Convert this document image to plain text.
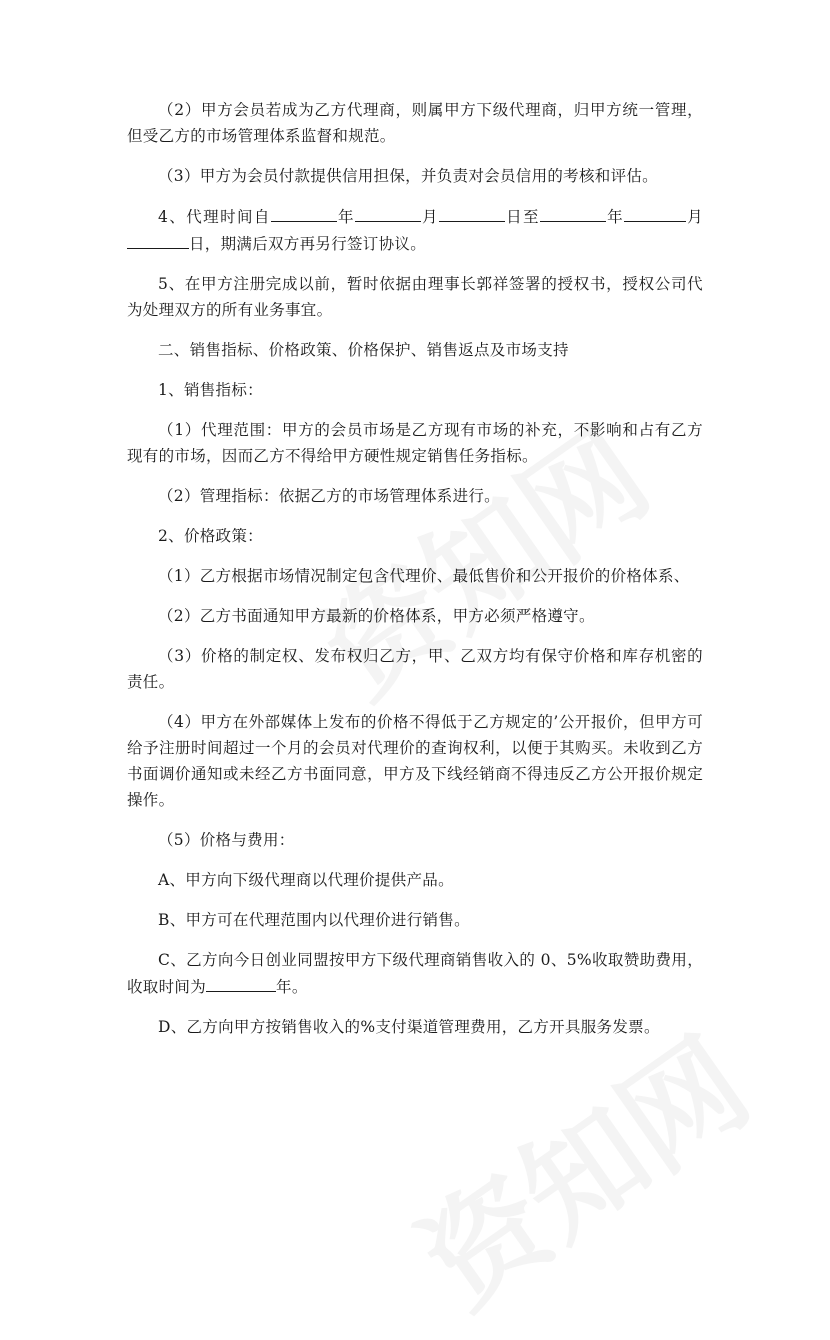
（2）甲方会员若成为乙方代理商，则属甲方下级代理商，归甲方统一管理，但受乙方的市场管理体系监督和规范。

（3）甲方为会员付款提供信用担保，并负责对会员信用的考核和评估。

4、代理时间自	年	月	日至	年	月日，期满后双方再另行签订协议。

5、在甲方注册完成以前，暂时依据由理事长郭祥签署的授权书，授权公司代为处理双方的所有业务事宜。

二、销售指标、价格政策、价格保护、销售返点及市场支持

1、销售指标：

（1）代理范围：甲方的会员市场是乙方现有市场的补充，不影响和占有乙方现有的市场，因而乙方不得给甲方硬性规定销售任务指标。

（2）管理指标：依据乙方的市场管理体系进行。

2、价格政策：

（1）乙方根据市场情况制定包含代理价、最低售价和公开报价的价格体系、

（2）乙方书面通知甲方最新的价格体系，甲方必须严格遵守。

（3）价格的制定权、发布权归乙方，甲、乙双方均有保守价格和库存机密的责任。

（4）甲方在外部媒体上发布的价格不得低于乙方规定的’公开报价，但甲方可给予注册时间超过一个月的会员对代理价的查询权利，以便于其购买。未收到乙方书面调价通知或未经乙方书面同意，甲方及下线经销商不得违反乙方公开报价规定操作。

（5）价格与费用：

A、甲方向下级代理商以代理价提供产品。

B、甲方可在代理范围内以代理价进行销售。

C、乙方向今日创业同盟按甲方下级代理商销售收入的 0、5%收取赞助费用，收取时间为	年。

D、乙方向甲方按销售收入的%支付渠道管理费用，乙方开具服务发票。
